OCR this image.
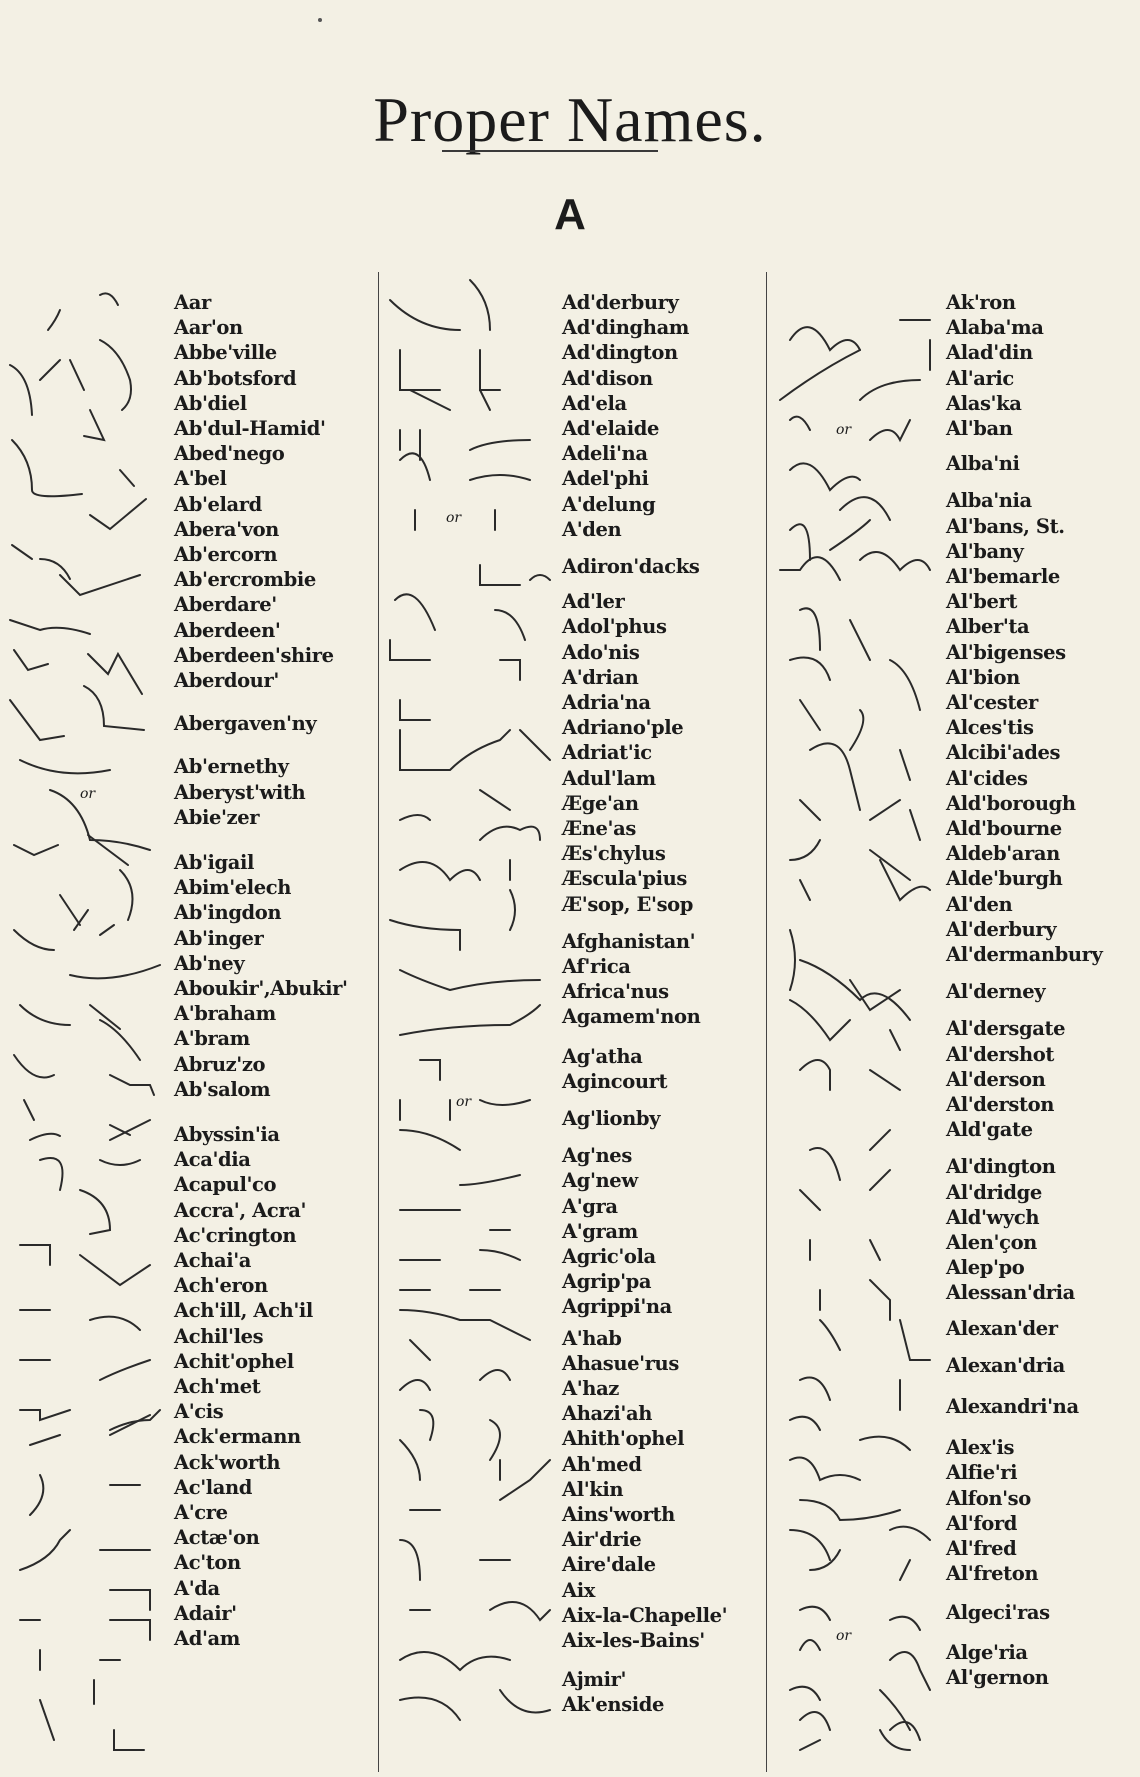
Proper Names.
A
or
or
or
or
or
Aar
Aar'on
Abbe'ville
Ab'botsford
Ab'diel
Ab'dul-Hamid'
Abed'nego
A'bel
Ab'elard
Abera'von
Ab'ercorn
Ab'ercrombie
Aberdare'
Aberdeen'
Aberdeen'shire
Aberdour'
Abergaven'ny
Ab'ernethy
Aberyst'with
Abie'zer
Ab'igail
Abim'elech
Ab'ingdon
Ab'inger
Ab'ney
Aboukir',Abukir'
A'braham
A'bram
Abruz'zo
Ab'salom
Abyssin'ia
Aca'dia
Acapul'co
Accra', Acra'
Ac'crington
Achai'a
Ach'eron
Ach'ill, Ach'il
Achil'les
Achit'ophel
Ach'met
A'cis
Ack'ermann
Ack'worth
Ac'land
A'cre
Actæ'on
Ac'ton
A'da
Adair'
Ad'am
Ad'derbury
Ad'dingham
Ad'dington
Ad'dison
Ad'ela
Ad'elaide
Adeli'na
Adel'phi
A'delung
A'den
Adiron'dacks
Ad'ler
Adol'phus
Ado'nis
A'drian
Adria'na
Adriano'ple
Adriat'ic
Adul'lam
Æge'an
Æne'as
Æs'chylus
Æscula'pius
Æ'sop, E'sop
Afghanistan'
Af'rica
Africa'nus
Agamem'non
Ag'atha
Agincourt
Ag'lionby
Ag'nes
Ag'new
A'gra
A'gram
Agric'ola
Agrip'pa
Agrippi'na
A'hab
Ahasue'rus
A'haz
Ahazi'ah
Ahith'ophel
Ah'med
Al'kin
Ains'worth
Air'drie
Aire'dale
Aix
Aix-la-Chapelle'
Aix-les-Bains'
Ajmir'
Ak'enside
Ak'ron
Alaba'ma
Alad'din
Al'aric
Alas'ka
Al'ban
Alba'ni
Alba'nia
Al'bans, St.
Al'bany
Al'bemarle
Al'bert
Alber'ta
Al'bigenses
Al'bion
Al'cester
Alces'tis
Alcibi'ades
Al'cides
Ald'borough
Ald'bourne
Aldeb'aran
Alde'burgh
Al'den
Al'derbury
Al'dermanbury
Al'derney
Al'dersgate
Al'dershot
Al'derson
Al'derston
Ald'gate
Al'dington
Al'dridge
Ald'wych
Alen'çon
Alep'po
Alessan'dria
Alexan'der
Alexan'dria
Alexandri'na
Alex'is
Alfie'ri
Alfon'so
Al'ford
Al'fred
Al'freton
Algeci'ras
Alge'ria
Al'gernon
